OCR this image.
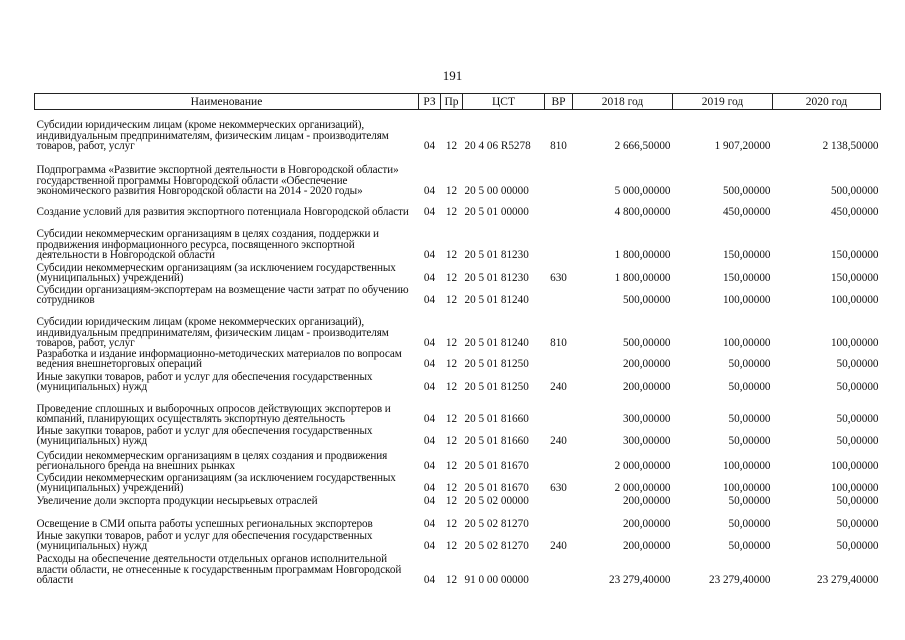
191
Наименование	РЗ	Пр	ЦСТ	ВР	2018 год	2019 год	2020 год
Субсидии юридическим лицам (кроме некоммерческих организаций), индивидуальным предпринимателям, физическим лицам - производителям товаров, работ, услуг	04	12	20 4 06 R5278	810	2 666,50000	1 907,20000	2 138,50000
Подпрограмма «Развитие экспортной деятельности в Новгородской области» государственной программы Новгородской области «Обеспечение экономического развития Новгородской области на 2014 - 2020 годы»	04	12	20 5 00 00000		5 000,00000	500,00000	500,00000
Создание условий для развития экспортного потенциала Новгородской области	04	12	20 5 01 00000		4 800,00000	450,00000	450,00000
Субсидии некоммерческим организациям в целях создания, поддержки и продвижения информационного ресурса, посвященного экспортной деятельности в Новгородской области	04	12	20 5 01 81230		1 800,00000	150,00000	150,00000
Субсидии некоммерческим организациям (за исключением государственных (муниципальных) учреждений)	04	12	20 5 01 81230	630	1 800,00000	150,00000	150,00000
Субсидии организациям-экспортерам на возмещение части затрат по обучению сотрудников	04	12	20 5 01 81240		500,00000	100,00000	100,00000
Субсидии юридическим лицам (кроме некоммерческих организаций), индивидуальным предпринимателям, физическим лицам - производителям товаров, работ, услуг	04	12	20 5 01 81240	810	500,00000	100,00000	100,00000
Разработка и издание информационно-методических материалов по вопросам ведения внешнеторговых операций	04	12	20 5 01 81250		200,00000	50,00000	50,00000
Иные закупки товаров, работ и услуг для обеспечения государственных (муниципальных) нужд	04	12	20 5 01 81250	240	200,00000	50,00000	50,00000
Проведение сплошных и выборочных опросов действующих экспортеров и компаний, планирующих осуществлять экспортную деятельность	04	12	20 5 01 81660		300,00000	50,00000	50,00000
Иные закупки товаров, работ и услуг для обеспечения государственных (муниципальных) нужд	04	12	20 5 01 81660	240	300,00000	50,00000	50,00000
Субсидии некоммерческим организациям в целях создания и продвижения регионального бренда на внешних рынках	04	12	20 5 01 81670		2 000,00000	100,00000	100,00000
Субсидии некоммерческим организациям (за исключением государственных (муниципальных) учреждений)	04	12	20 5 01 81670	630	2 000,00000	100,00000	100,00000
Увеличение доли экспорта продукции несырьевых отраслей	04	12	20 5 02 00000		200,00000	50,00000	50,00000
Освещение в СМИ опыта работы успешных региональных экспортеров	04	12	20 5 02 81270		200,00000	50,00000	50,00000
Иные закупки товаров, работ и услуг для обеспечения государственных (муниципальных) нужд	04	12	20 5 02 81270	240	200,00000	50,00000	50,00000
Расходы на обеспечение деятельности отдельных органов исполнительной власти области, не отнесенные к государственным программам Новгородской области	04	12	91 0 00 00000		23 279,40000	23 279,40000	23 279,40000
